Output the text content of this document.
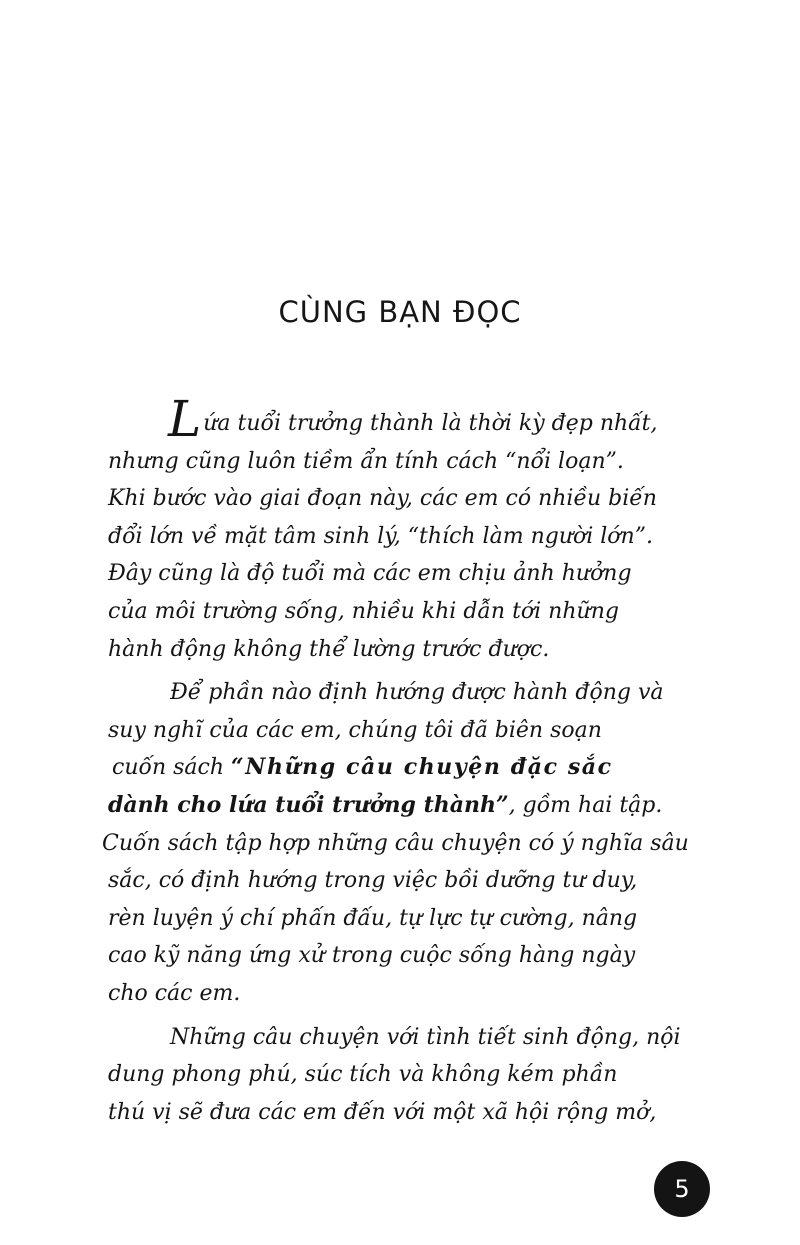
CÙNG BẠN ĐỌC

Lứa tuổi trưởng thành là thời kỳ đẹp nhất,
nhưng cũng luôn tiềm ẩn tính cách “nổi loạn”.
Khi bước vào giai đoạn này, các em có nhiều biến
đổi lớn về mặt tâm sinh lý, “thích làm người lớn”.
Đây cũng là độ tuổi mà các em chịu ảnh hưởng
của môi trường sống, nhiều khi dẫn tới những
hành động không thể lường trước được.

Để phần nào định hướng được hành động và
suy nghĩ của các em, chúng tôi đã biên soạn
cuốn sách “Những câu chuyện đặc sắc
dành cho lứa tuổi trưởng thành”, gồm hai tập.
Cuốn sách tập hợp những câu chuyện có ý nghĩa sâu
sắc, có định hướng trong việc bồi dưỡng tư duy,
rèn luyện ý chí phấn đấu, tự lực tự cường, nâng
cao kỹ năng ứng xử trong cuộc sống hàng ngày
cho các em.

Những câu chuyện với tình tiết sinh động, nội
dung phong phú, súc tích và không kém phần
thú vị sẽ đưa các em đến với một xã hội rộng mở,

5
